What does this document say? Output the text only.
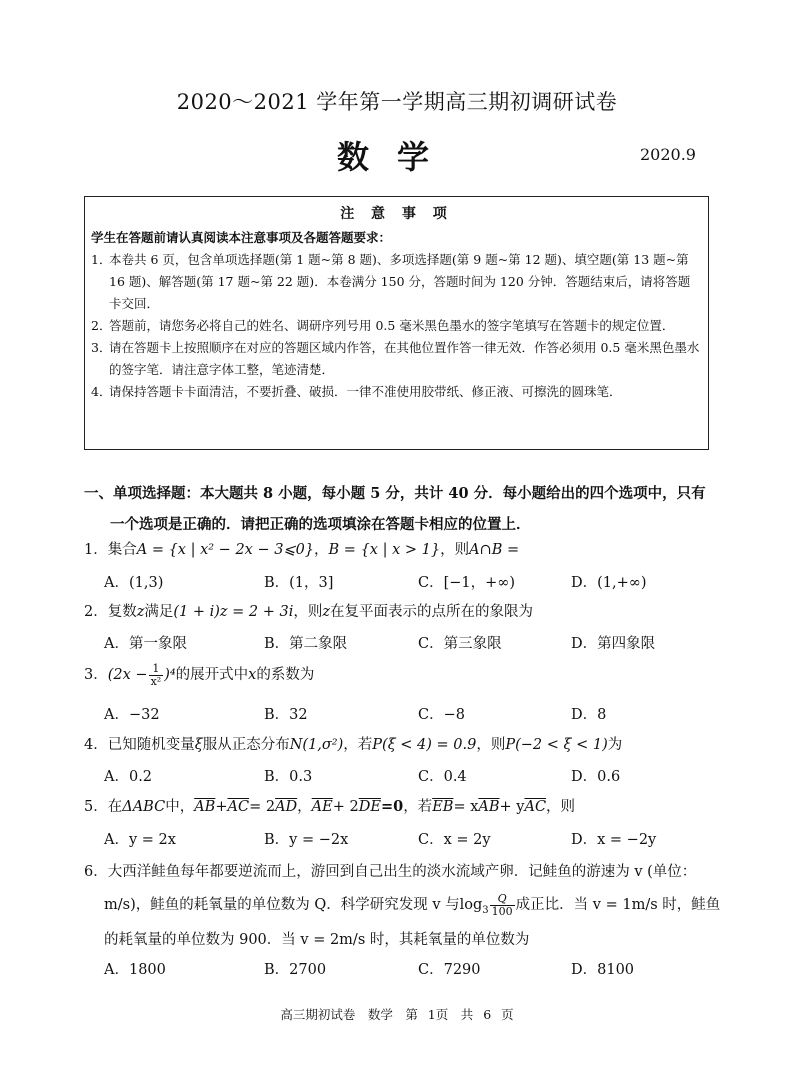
2020～2021 学年第一学期高三期初调研试卷
数学	2020.9
注 意 事 项
学生在答题前请认真阅读本注意事项及各题答题要求：
1．本卷共 6 页，包含单项选择题(第 1 题~第 8 题)、多项选择题(第 9 题~第 12 题)、填空题(第 13 题~第 16 题)、解答题(第 17 题~第 22 题)．本卷满分 150 分，答题时间为 120 分钟．答题结束后，请将答题卡交回．
2．答题前，请您务必将自己的姓名、调研序列号用 0.5 毫米黑色墨水的签字笔填写在答题卡的规定位置．
3．请在答题卡上按照顺序在对应的答题区域内作答，在其他位置作答一律无效．作答必须用 0.5 毫米黑色墨水的签字笔．请注意字体工整，笔迹清楚．
4．请保持答题卡卡面清洁，不要折叠、破损．一律不准使用胶带纸、修正液、可擦洗的圆珠笔．
一、单项选择题：本大题共 8 小题，每小题 5 分，共计 40 分．每小题给出的四个选项中，只有
一个选项是正确的．请把正确的选项填涂在答题卡相应的位置上．
1．集合A = {x | x² − 2x − 3⩽0}，B = {x | x > 1}，则A∩B =
A．(1,3)	B．(1，3]	C．[−1，+∞)	D．(1,+∞)
2．复数z满足(1 + i)z = 2 + 3i，则z在复平面表示的点所在的象限为
A．第一象限	B．第二象限	C．第三象限	D．第四象限
3．$(2x - \frac{1}{\text{x²}} )^4$的展开式中x的系数为
A．−32	B．32	C．−8	D．8
4．已知随机变量ξ服从正态分布N(1,σ²)，若P(ξ < 4) = 0.9，则P(−2 < ξ < 1)为
A．0.2	B．0.3	C．0.4	D．0.6
5．在ΔABC中，$\overline{AB}+\overline{AC}= 2\overline{AD}$，$\overline{AE}+ 2\overline{DE}=0$，若$\overline{EB}= x\overline{AB}+ y\overline{AC}$，则
A．y = 2x	B．y = −2x	C．x = 2y	D．x = −2y
6．大西洋鲑鱼每年都要逆流而上，游回到自己出生的淡水流域产卵．记鲑鱼的游速为 v (单位：
m/s)，鲑鱼的耗氧量的单位数为 Q．科学研究发现 v 与$\log_3 \frac{Q}{100}$ 成正比．当 v = 1m/s 时，鲑鱼
的耗氧量的单位数为 900．当 v = 2m/s 时，其耗氧量的单位数为
A．1800	B．2700	C．7290	D．8100
高三期初试卷　数学　第 1页　共 6 页
